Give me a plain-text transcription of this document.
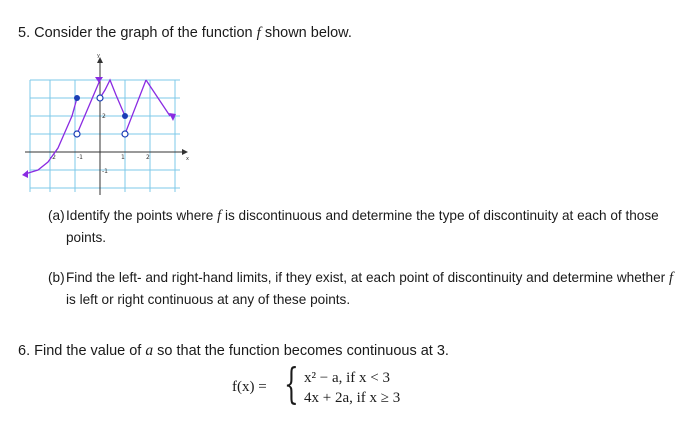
5. Consider the graph of the function f shown below.
x
y
-2	-1	1	2
2
-1
(a) Identify the points where f is discontinuous and determine the type of discontinuity at each of those points.
(b) Find the left- and right-hand limits, if they exist, at each point of discontinuity and determine whether f is left or right continuous at any of these points.
6. Find the value of a so that the function becomes continuous at 3.
f(x) = { x² − a, if x < 3
4x + 2a, if x ≥ 3
